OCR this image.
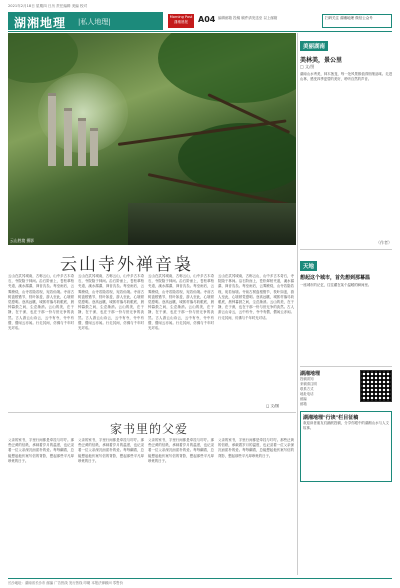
2021年2月18日 星期四 日历 责任编辑 美编 校对
湖湘地理 |私人地理|
Morning Post 潇湘晨报	A04 编辑邮箱 投稿 稿件请发送至 以上邮箱	扫码关注 湖湘地理 微信公众号
云山胜境 摄影
云山寺外禅音袅
云山在武冈城南，古称云山，山中多古木奇石，寺院隐于林间。沿石阶而上，苍松翠柏夹道，溪水潺潺，禅音袅袅。每至雨后，云雾缭绕，山寺若隐若现，宛若仙境。寺前古树盘根错节，枝叶如盖，游人至此，心境顿觉澄明。登高远眺，城郭村落尽收眼底，晨钟暮鼓之间，尘虑渐消。云山的美，在于静，在于深，也在于那一份与世无争的淡然。古人游云山诗云，云中有寺，寺中有僧，僧闲云亦闲。行走其间，仿佛与千年时光对话。
云山在武冈城南，古称云山，山中多古木奇石，寺院隐于林间。沿石阶而上，苍松翠柏夹道，溪水潺潺，禅音袅袅。每至雨后，云雾缭绕，山寺若隐若现，宛若仙境。寺前古树盘根错节，枝叶如盖，游人至此，心境顿觉澄明。登高远眺，城郭村落尽收眼底，晨钟暮鼓之间，尘虑渐消。云山的美，在于静，在于深，也在于那一份与世无争的淡然。古人游云山诗云，云中有寺，寺中有僧，僧闲云亦闲。行走其间，仿佛与千年时光对话。
云山在武冈城南，古称云山，山中多古木奇石，寺院隐于林间。沿石阶而上，苍松翠柏夹道，溪水潺潺，禅音袅袅。每至雨后，云雾缭绕，山寺若隐若现，宛若仙境。寺前古树盘根错节，枝叶如盖，游人至此，心境顿觉澄明。登高远眺，城郭村落尽收眼底，晨钟暮鼓之间，尘虑渐消。云山的美，在于静，在于深，也在于那一份与世无争的淡然。古人游云山诗云，云中有寺，寺中有僧，僧闲云亦闲。行走其间，仿佛与千年时光对话。
云山在武冈城南，古称云山，山中多古木奇石，寺院隐于林间。沿石阶而上，苍松翠柏夹道，溪水潺潺，禅音袅袅。每至雨后，云雾缭绕，山寺若隐若现，宛若仙境。寺前古树盘根错节，枝叶如盖，游人至此，心境顿觉澄明。登高远眺，城郭村落尽收眼底，晨钟暮鼓之间，尘虑渐消。云山的美，在于静，在于深，也在于那一份与世无争的淡然。古人游云山诗云，云中有寺，寺中有僧，僧闲云亦闲。行走其间，仿佛与千年时光对话。
□ 文/图
家书里的父爱
父亲的家书，字里行间都是牵挂与叮咛。那些泛黄的信纸，承载着岁月的温度，也记录着一位父亲深沉而质朴的爱。每每翻看，总能想起他伏案写信的背影，想起那些平凡却珍贵的日子。
父亲的家书，字里行间都是牵挂与叮咛。那些泛黄的信纸，承载着岁月的温度，也记录着一位父亲深沉而质朴的爱。每每翻看，总能想起他伏案写信的背影，想起那些平凡却珍贵的日子。
父亲的家书，字里行间都是牵挂与叮咛。那些泛黄的信纸，承载着岁月的温度，也记录着一位父亲深沉而质朴的爱。每每翻看，总能想起他伏案写信的背影，想起那些平凡却珍贵的日子。
父亲的家书，字里行间都是牵挂与叮咛。那些泛黄的信纸，承载着岁月的温度，也记录着一位父亲深沉而质朴的爱。每每翻看，总能想起他伏案写信的背影，想起那些平凡却珍贵的日子。
美丽湖南
美林美，景公里
□ 文/图
湖南山水秀美，林木葱茏，每一处风景都值得细细品味。走进山林，感受四季更替的美好，聆听自然的声音。
（作者）
天地
想起这个城市，首先想到那幕温
一座城市的记忆，往往藏在某个温暖的瞬间里。
湖湘地理
投稿须知
来稿请注明
联系方式
地址电话
邮编
邮箱
湖湘地理"行读"栏目征稿
欢迎读者朋友们踊跃投稿，分享你眼中的湖湘山水与人文故事。
长沙地址：湖南省长沙市 邮编 广告热线 发行热线 印刷 本报法律顾问 零售价
